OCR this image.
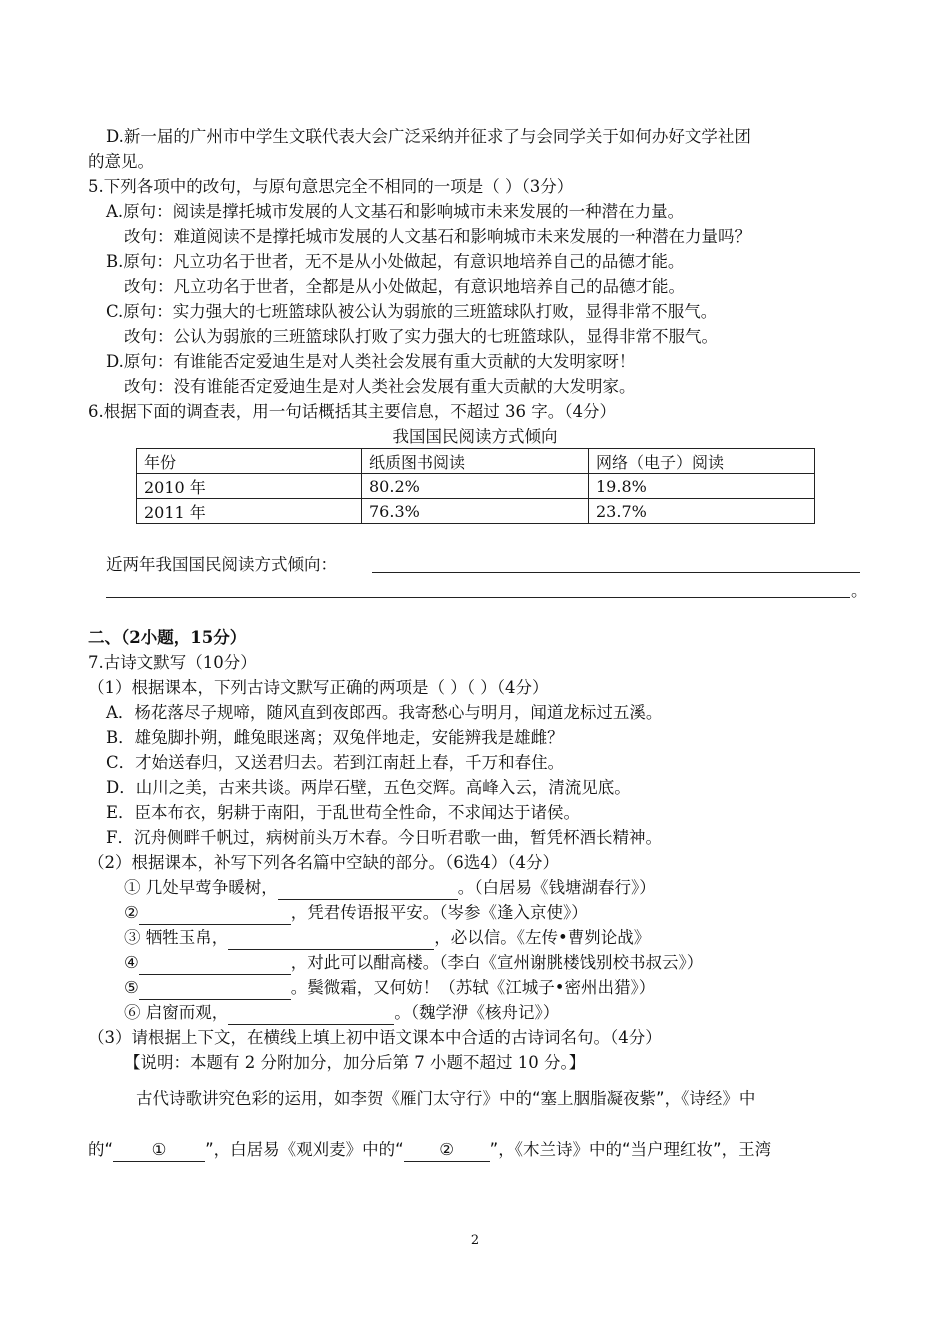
D.新一届的广州市中学生文联代表大会广泛采纳并征求了与会同学关于如何办好文学社团
的意见。
5.下列各项中的改句，与原句意思完全不相同的一项是（ ）（3分）
A.原句：阅读是撑托城市发展的人文基石和影响城市未来发展的一种潜在力量。
改句：难道阅读不是撑托城市发展的人文基石和影响城市未来发展的一种潜在力量吗？
B.原句：凡立功名于世者，无不是从小处做起，有意识地培养自己的品德才能。
改句：凡立功名于世者，全都是从小处做起，有意识地培养自己的品德才能。
C.原句：实力强大的七班篮球队被公认为弱旅的三班篮球队打败，显得非常不服气。
改句：公认为弱旅的三班篮球队打败了实力强大的七班篮球队，显得非常不服气。
D.原句：有谁能否定爱迪生是对人类社会发展有重大贡献的大发明家呀！
改句：没有谁能否定爱迪生是对人类社会发展有重大贡献的大发明家。
6.根据下面的调查表，用一句话概括其主要信息，不超过 36 字。（4分）
我国国民阅读方式倾向
年份	纸质图书阅读	网络（电子）阅读
2010 年	80.2%	19.8%
2011 年	76.3%	23.7%
近两年我国国民阅读方式倾向：
。
二、（2小题，15分）
7.古诗文默写（10分）
（1）根据课本，下列古诗文默写正确的两项是（ ）（ ）（4分）
A．杨花落尽子规啼，随风直到夜郎西。我寄愁心与明月，闻道龙标过五溪。
B．雄兔脚扑朔，雌兔眼迷离；双兔伴地走，安能辨我是雄雌？
C．才始送春归，又送君归去。若到江南赶上春，千万和春住。
D．山川之美，古来共谈。两岸石壁，五色交辉。高峰入云，清流见底。
E．臣本布衣，躬耕于南阳，于乱世苟全性命，不求闻达于诸侯。
F．沉舟侧畔千帆过，病树前头万木春。今日听君歌一曲，暂凭杯酒长精神。
（2）根据课本，补写下列各名篇中空缺的部分。（6选4）（4分）
① 几处早莺争暖树，	。（白居易《钱塘湖春行》）
②	，凭君传语报平安。（岑参《逢入京使》）
③ 牺牲玉帛，	，必以信。《左传•曹刿论战》
④	，对此可以酣高楼。（李白《宣州谢朓楼饯别校书叔云》）
⑤	。鬓微霜，又何妨！（苏轼《江城子•密州出猎》）
⑥ 启窗而观，	。（魏学洢《核舟记》）
（3）请根据上下文，在横线上填上初中语文课本中合适的古诗词名句。（4分）
【说明：本题有 2 分附加分，加分后第 7 小题不超过 10 分。】
古代诗歌讲究色彩的运用，如李贺《雁门太守行》中的“塞上胭脂凝夜紫”，《诗经》中
的“ ① ”，白居易《观刈麦》中的“ ② ”，《木兰诗》中的“当户理红妆”，王湾
2
